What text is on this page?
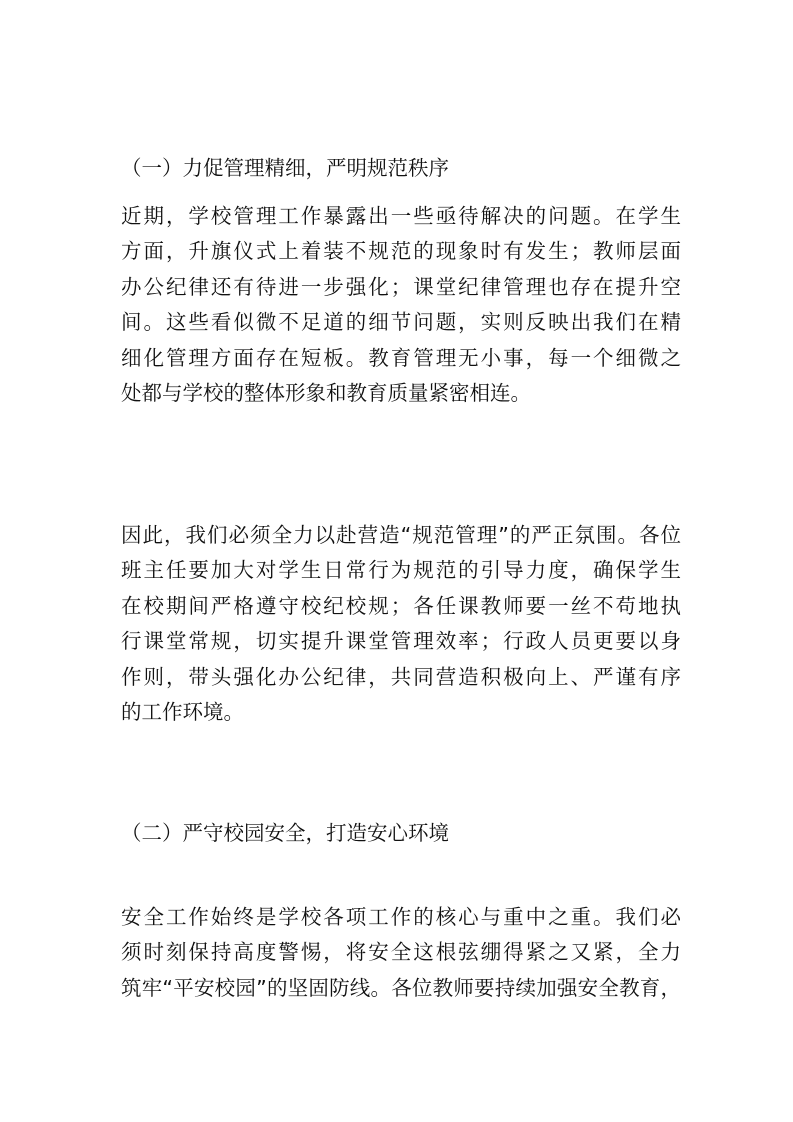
（一）力促管理精细，严明规范秩序
近期，学校管理工作暴露出一些亟待解决的问题。在学生
方面，升旗仪式上着装不规范的现象时有发生；教师层面
办公纪律还有待进一步强化；课堂纪律管理也存在提升空
间。这些看似微不足道的细节问题，实则反映出我们在精
细化管理方面存在短板。教育管理无小事，每一个细微之
处都与学校的整体形象和教育质量紧密相连。
因此，我们必须全力以赴营造“规范管理”的严正氛围。各位
班主任要加大对学生日常行为规范的引导力度，确保学生
在校期间严格遵守校纪校规；各任课教师要一丝不苟地执
行课堂常规，切实提升课堂管理效率；行政人员更要以身
作则，带头强化办公纪律，共同营造积极向上、严谨有序
的工作环境。
（二）严守校园安全，打造安心环境
安全工作始终是学校各项工作的核心与重中之重。我们必
须时刻保持高度警惕，将安全这根弦绷得紧之又紧，全力
筑牢“平安校园”的坚固防线。各位教师要持续加强安全教育，
